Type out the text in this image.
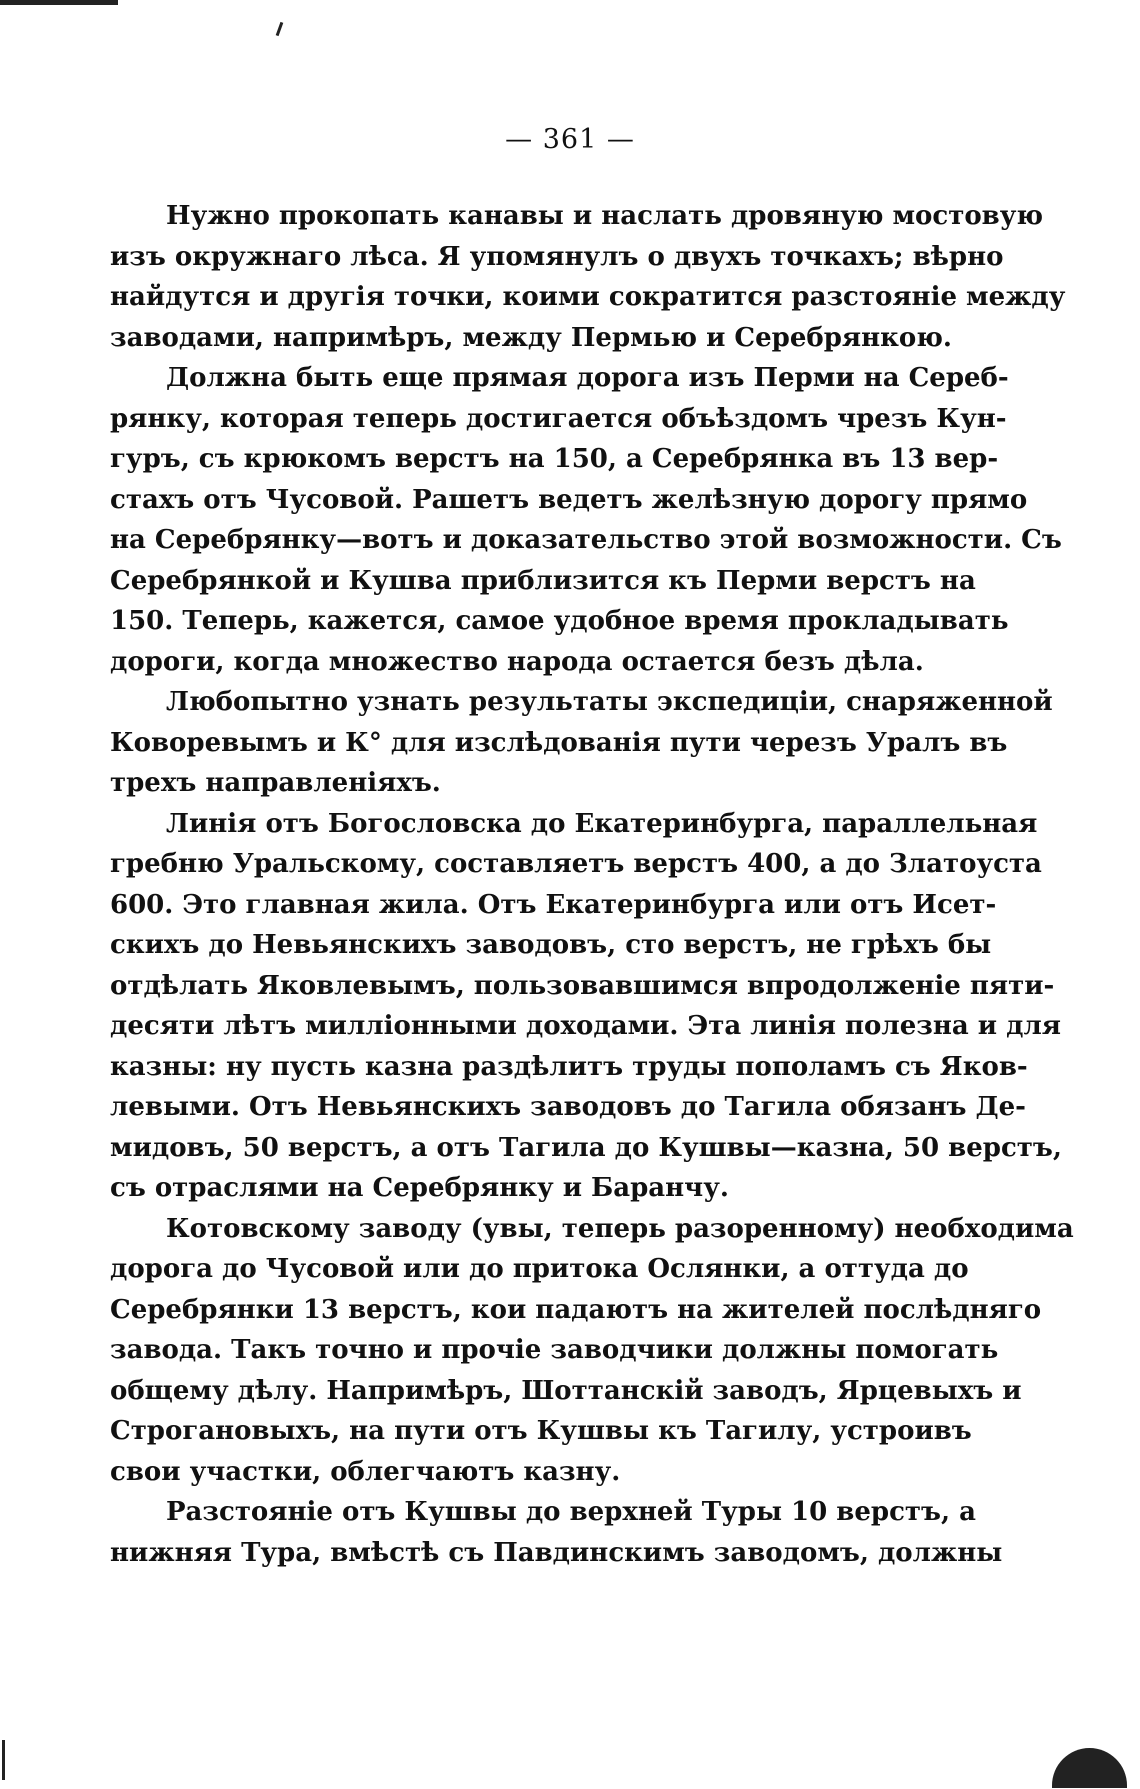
— 361 —
Нужно прокопать канавы и наслать дровяную мостовую
изъ окружнаго лѣса. Я упомянулъ о двухъ точкахъ; вѣрно
найдутся и другія точки, коими сократится разстояніе между
заводами, напримѣръ, между Пермью и Серебрянкою.
Должна быть еще прямая дорога изъ Перми на Сереб-
рянку, которая теперь достигается объѣздомъ чрезъ Кун-
гуръ, съ крюкомъ верстъ на 150, а Серебрянка въ 13 вер-
стахъ отъ Чусовой. Рашетъ ведетъ желѣзную дорогу прямо
на Серебрянку—вотъ и доказательство этой возможности. Съ
Серебрянкой и Кушва приблизится къ Перми верстъ на
150. Теперь, кажется, самое удобное время прокладывать
дороги, когда множество народа остается безъ дѣла.
Любопытно узнать результаты экспедиціи, снаряженной
Коворевымъ и К° для изслѣдованія пути черезъ Уралъ въ
трехъ направленіяхъ.
Линія отъ Богословска до Екатеринбурга, параллельная
гребню Уральскому, составляетъ верстъ 400, а до Златоуста
600. Это главная жила. Отъ Екатеринбурга или отъ Исет-
скихъ до Невьянскихъ заводовъ, сто верстъ, не грѣхъ бы
отдѣлать Яковлевымъ, пользовавшимся впродолженіе пяти-
десяти лѣтъ милліонными доходами. Эта линія полезна и для
казны: ну пусть казна раздѣлитъ труды пополамъ съ Яков-
левыми. Отъ Невьянскихъ заводовъ до Тагила обязанъ Де-
мидовъ, 50 верстъ, а отъ Тагила до Кушвы—казна, 50 верстъ,
съ отраслями на Серебрянку и Баранчу.
Котовскому заводу (увы, теперь разоренному) необходима
дорога до Чусовой или до притока Ослянки, а оттуда до
Серебрянки 13 верстъ, кои падаютъ на жителей послѣдняго
завода. Такъ точно и прочіе заводчики должны помогать
общему дѣлу. Напримѣръ, Шоттанскій заводъ, Ярцевыхъ и
Строгановыхъ, на пути отъ Кушвы къ Тагилу, устроивъ
свои участки, облегчаютъ казну.
Разстояніе отъ Кушвы до верхней Туры 10 верстъ, а
нижняя Тура, вмѣстѣ съ Павдинскимъ заводомъ, должны
